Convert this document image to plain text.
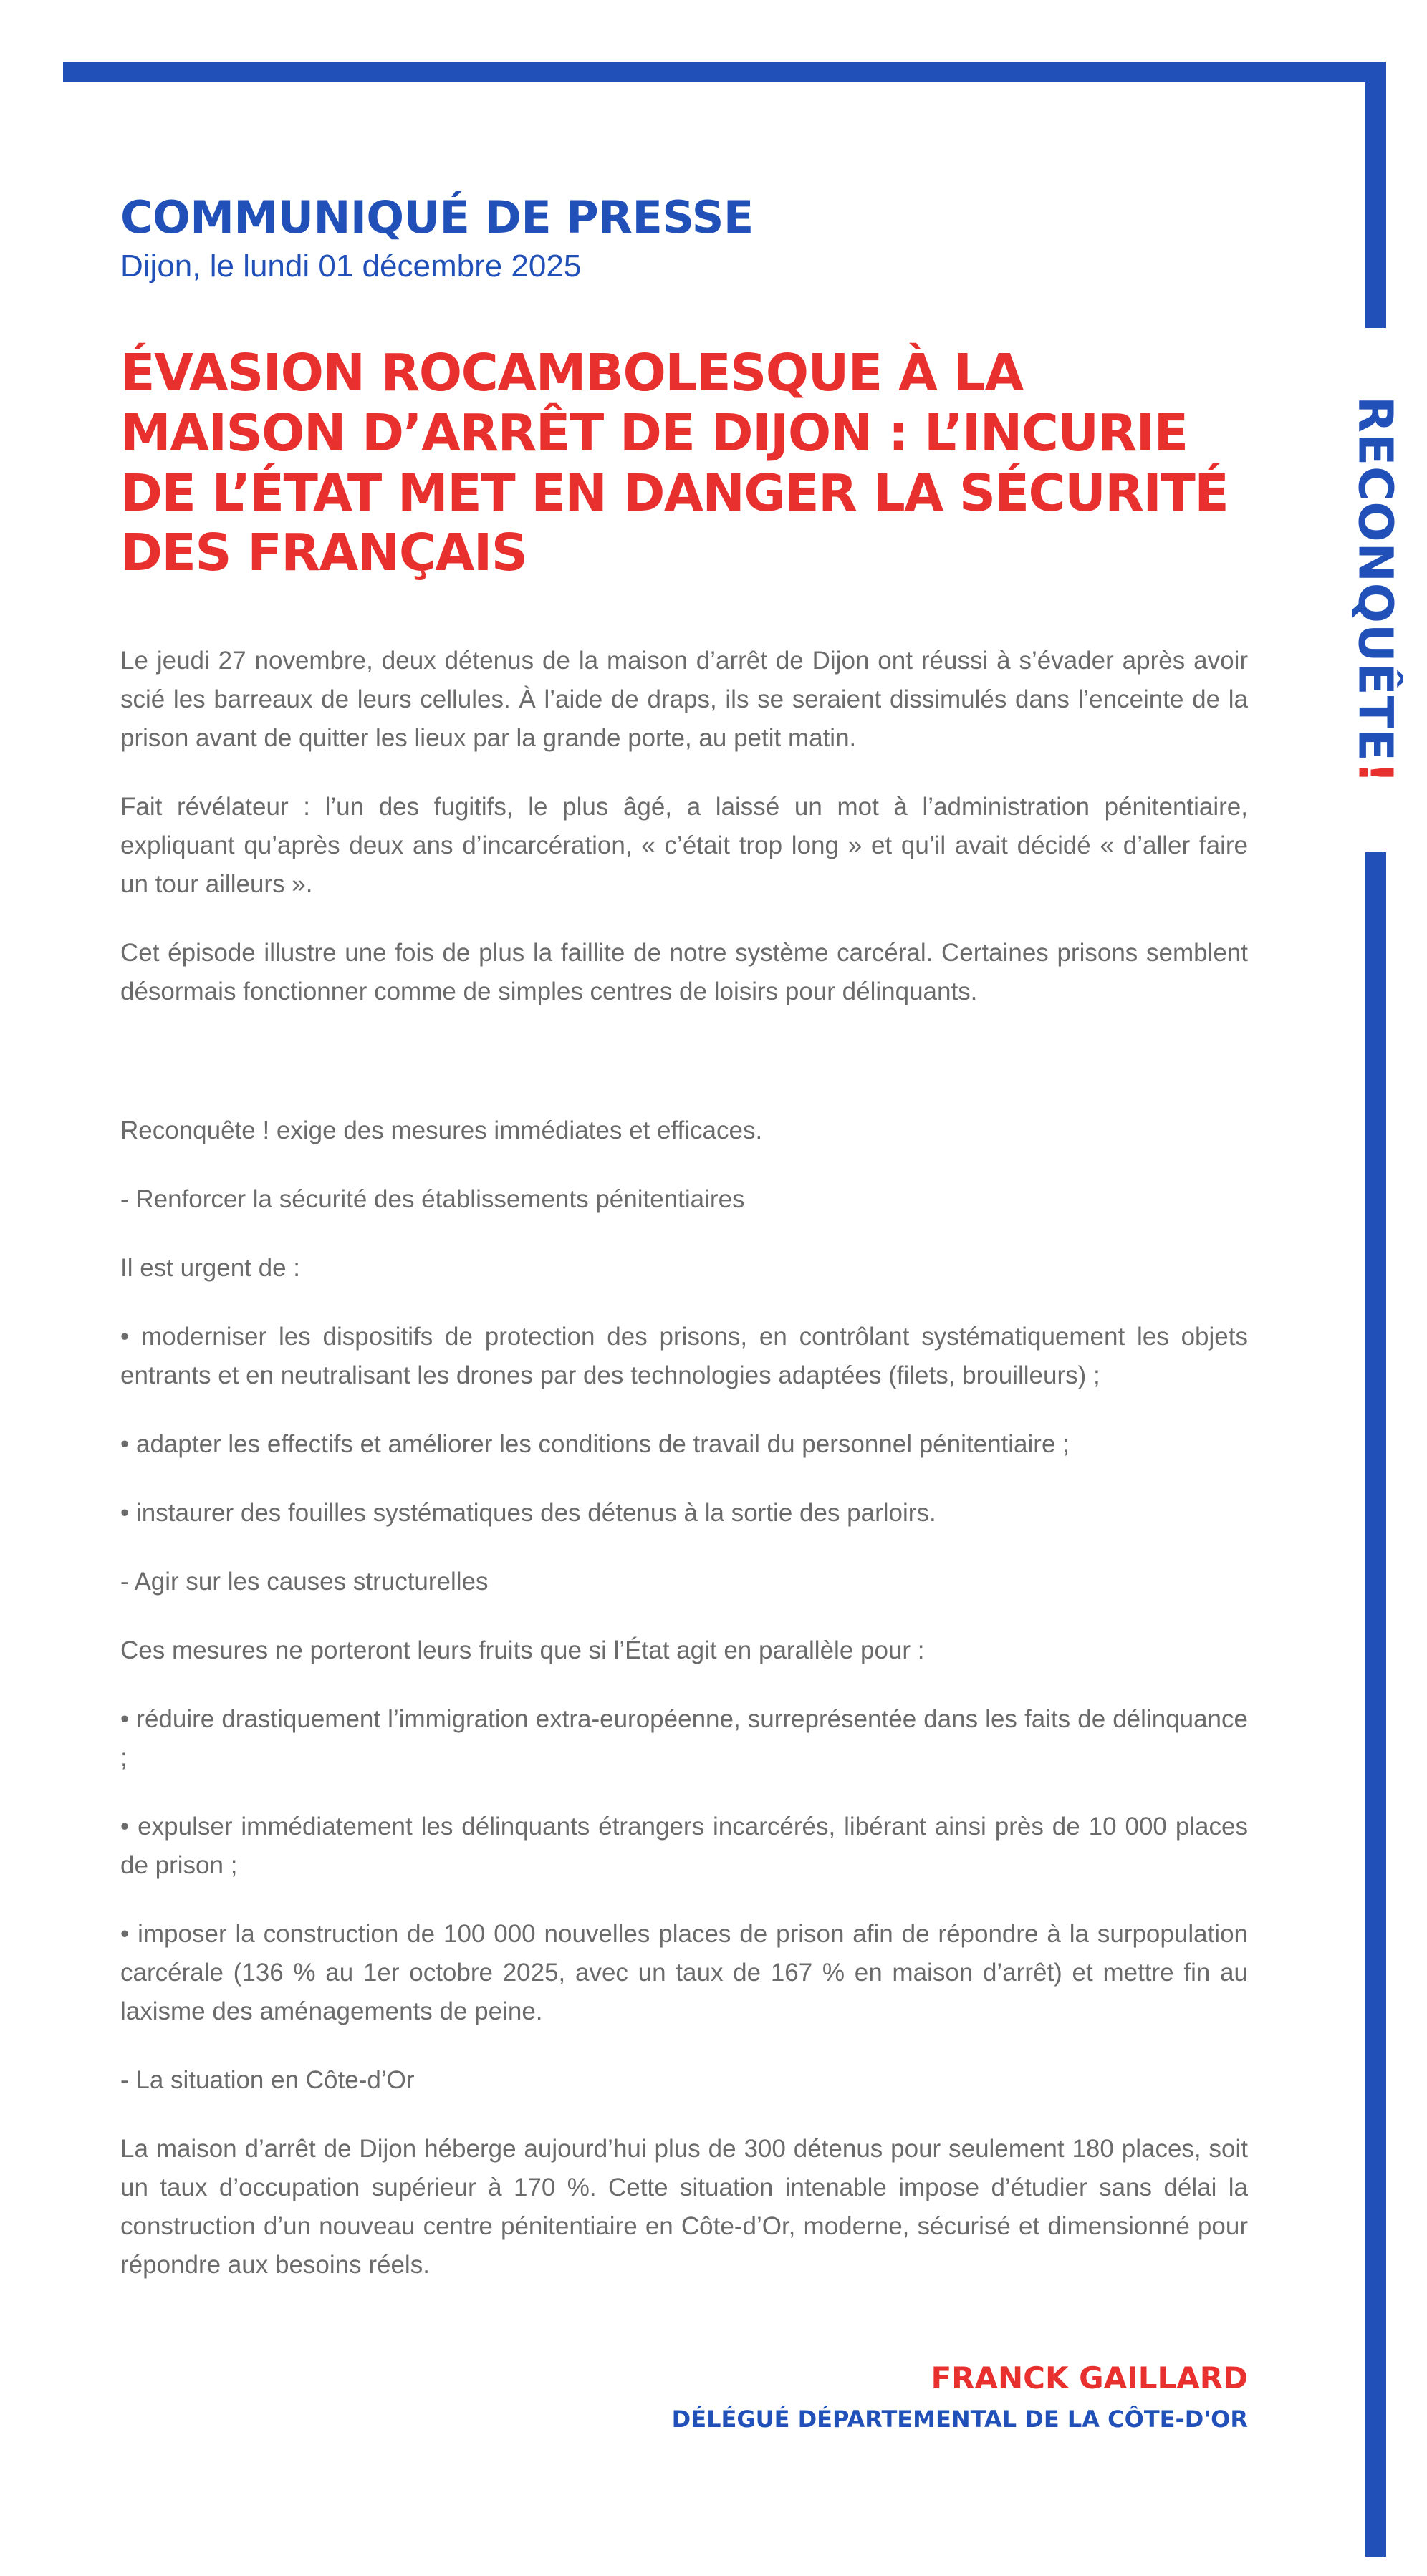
RECONQUÊTE!
COMMUNIQUÉ DE PRESSE

Dijon, le lundi 01 décembre 2025

ÉVASION ROCAMBOLESQUE À LA MAISON D’ARRÊT DE DIJON : L’INCURIE DE L’ÉTAT MET EN DANGER LA SÉCURITÉ DES FRANÇAIS

Le jeudi 27 novembre, deux détenus de la maison d’arrêt de Dijon ont réussi à s’évader après avoir scié les barreaux de leurs cellules. À l’aide de draps, ils se seraient dissimulés dans l’enceinte de la prison avant de quitter les lieux par la grande porte, au petit matin.

Fait révélateur : l’un des fugitifs, le plus âgé, a laissé un mot à l’administration pénitentiaire, expliquant qu’après deux ans d’incarcération, « c’était trop long » et qu’il avait décidé « d’aller faire un tour ailleurs ».

Cet épisode illustre une fois de plus la faillite de notre système carcéral. Certaines prisons semblent désormais fonctionner comme de simples centres de loisirs pour délinquants.

Reconquête ! exige des mesures immédiates et efficaces.

- Renforcer la sécurité des établissements pénitentiaires

Il est urgent de :

• moderniser les dispositifs de protection des prisons, en contrôlant systématiquement les objets entrants et en neutralisant les drones par des technologies adaptées (filets, brouilleurs) ;

• adapter les effectifs et améliorer les conditions de travail du personnel pénitentiaire ;

• instaurer des fouilles systématiques des détenus à la sortie des parloirs.

- Agir sur les causes structurelles

Ces mesures ne porteront leurs fruits que si l’État agit en parallèle pour :

• réduire drastiquement l’immigration extra-européenne, surreprésentée dans les faits de délinquance ;

• expulser immédiatement les délinquants étrangers incarcérés, libérant ainsi près de 10 000 places de prison ;

• imposer la construction de 100 000 nouvelles places de prison afin de répondre à la surpopulation carcérale (136 % au 1er octobre 2025, avec un taux de 167 % en maison d’arrêt) et mettre fin au laxisme des aménagements de peine.

- La situation en Côte-d’Or

La maison d’arrêt de Dijon héberge aujourd’hui plus de 300 détenus pour seulement 180 places, soit un taux d’occupation supérieur à 170 %. Cette situation intenable impose d’étudier sans délai la construction d’un nouveau centre pénitentiaire en Côte-d’Or, moderne, sécurisé et dimensionné pour répondre aux besoins réels.

FRANCK GAILLARD

DÉLÉGUÉ DÉPARTEMENTAL DE LA CÔTE-D'OR
